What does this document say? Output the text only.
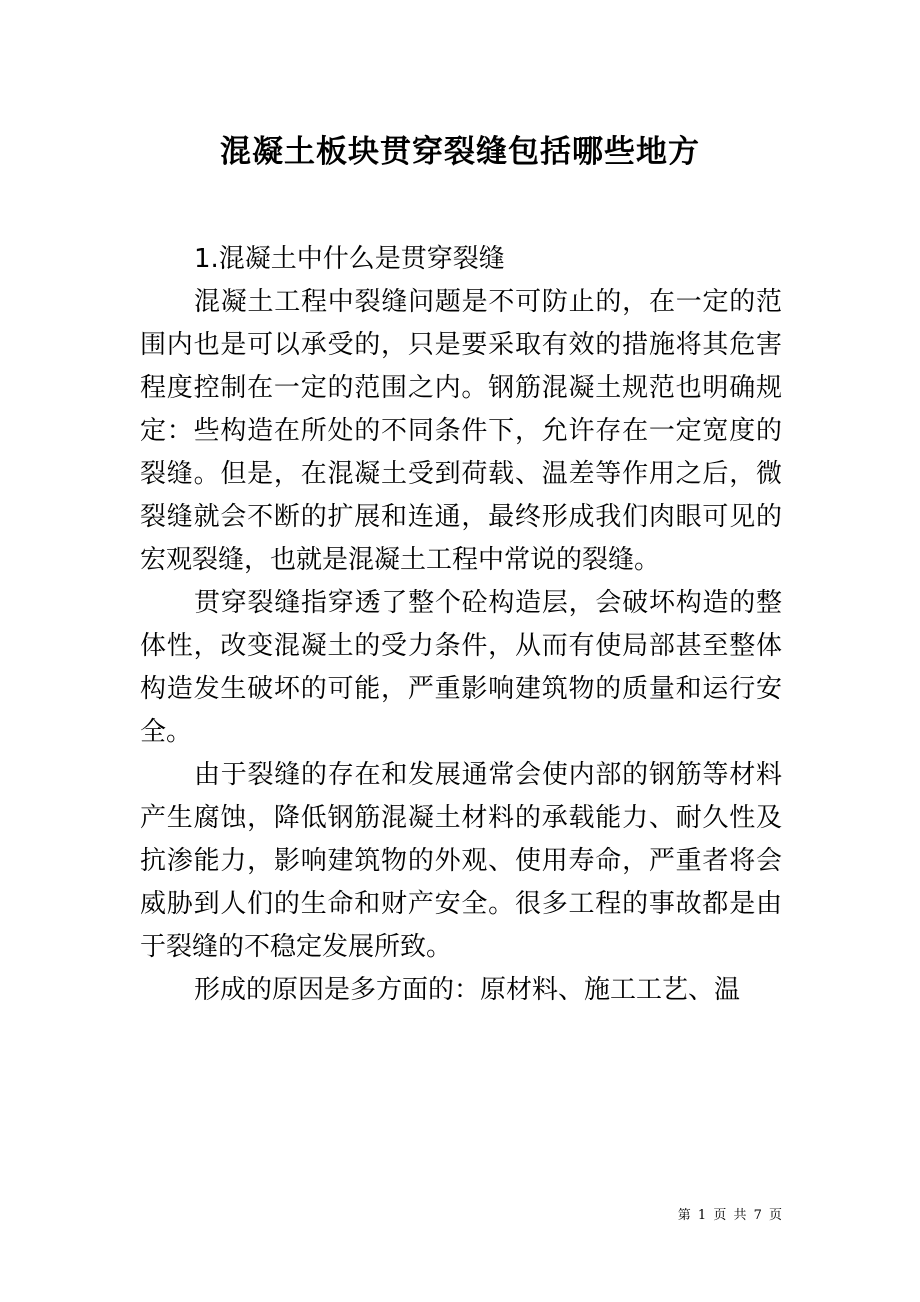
混凝土板块贯穿裂缝包括哪些地方

1.混凝土中什么是贯穿裂缝

混凝土工程中裂缝问题是不可防止的，在一定的范围内也是可以承受的，只是要采取有效的措施将其危害程度控制在一定的范围之内。钢筋混凝土规范也明确规定：些构造在所处的不同条件下，允许存在一定宽度的裂缝。但是，在混凝土受到荷载、温差等作用之后，微裂缝就会不断的扩展和连通，最终形成我们肉眼可见的宏观裂缝，也就是混凝土工程中常说的裂缝。

贯穿裂缝指穿透了整个砼构造层，会破坏构造的整体性，改变混凝土的受力条件，从而有使局部甚至整体构造发生破坏的可能，严重影响建筑物的质量和运行安全。

由于裂缝的存在和发展通常会使内部的钢筋等材料产生腐蚀，降低钢筋混凝土材料的承载能力、耐久性及抗渗能力，影响建筑物的外观、使用寿命，严重者将会威胁到人们的生命和财产安全。很多工程的事故都是由于裂缝的不稳定发展所致。

形成的原因是多方面的：原材料、施工工艺、温

第 1 页 共 7 页
